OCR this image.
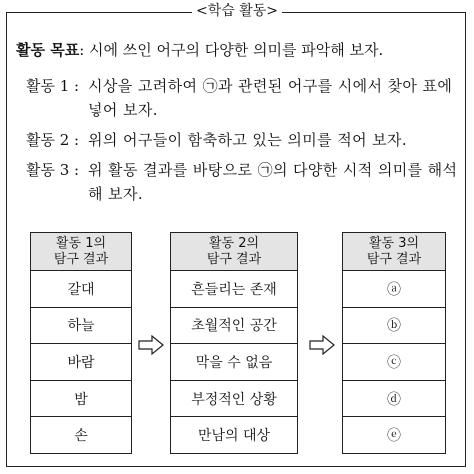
<학습 활동>
활동 목표: 시에 쓰인 어구의 다양한 의미를 파악해 보자.
활동 1 : 시상을 고려하여 ㉠과 관련된 어구를 시에서 찾아 표에 넣어 보자.
활동 2 : 위의 어구들이 함축하고 있는 의미를 적어 보자.
활동 3 : 위 활동 결과를 바탕으로 ㉠의 다양한 시적 의미를 해석해 보자.
활동 1의
탐구 결과
갈대
하늘
바람
밤
손
활동 2의
탐구 결과
흔들리는 존재
초월적인 공간
막을 수 없음
부정적인 상황
만남의 대상
활동 3의
탐구 결과
ⓐ
ⓑ
ⓒ
ⓓ
ⓔ
